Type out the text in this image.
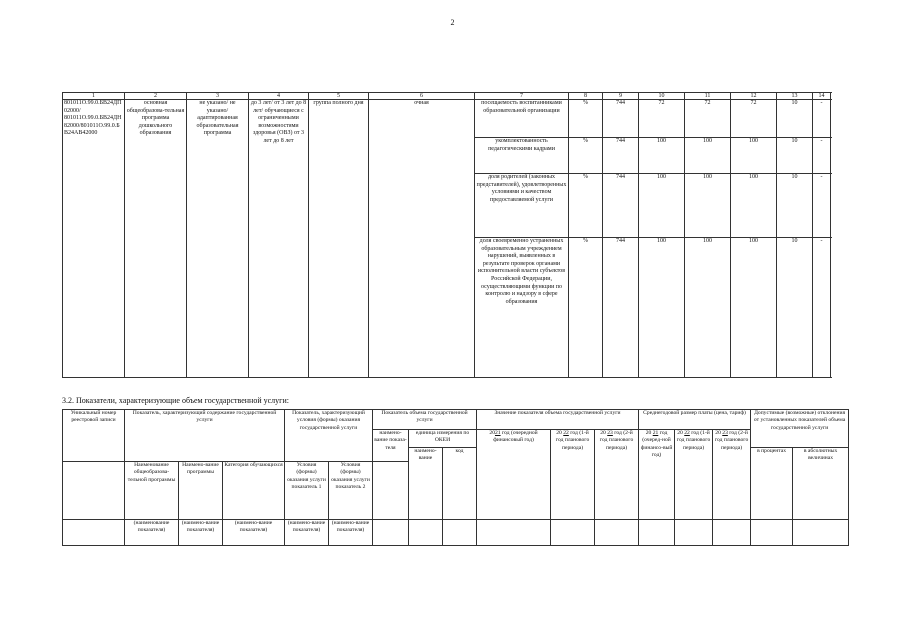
2
1	2	3	4	5	6	7	8	9	10	11	12	13	14
801011О.99.0.БВ24ДП02000/ 801011О.99.0.БВ24ДН82000/801011О.99.0.БВ24АВ42000	основная общеобразова-тельная программа дошкольного образования	не указано/ не указано/ адаптированная образовательная программа	до 3 лет/ от 3 лет до 8 лет/ обучающиеся с ограниченными возможностями здоровья (ОВЗ) от 3 лет до 8 лет	группа полного дня	очная	посещаемость воспитанниками образовательной организации	%	744	72	72	72	10	-
						укомплектованность педагогическими кадрами	%	744	100	100	100	10	-
						доля родителей (законных представителей), удовлетворенных условиями и качеством предоставляемой услуги	%	744	100	100	100	10	-
						доля своевременно устраненных образовательным учреждением нарушений, выявленных в результате проверок органами исполнительной власти субъектов Российской Федерации, осуществляющими функции по контролю и надзору в сфере образования	%	744	100	100	100	10	-
3.2. Показатели, характеризующие объем государственной услуги:
Уникальный номер реестровой записи	Показатель, характеризующий содержание государственной услуги			Показатель, характеризующий условия (формы) оказания государственной услуги		Показатель объема государственной услуги			Значение показателя объема государственной услуги			Среднегодовой размер платы (цена, тариф)			Допустимые (возможные) отклонения от установленных показателей объема государственной услуги	
						наимено-вание показа-теля	единица измерения по ОКЕИ		2021 год (очередной финансовый год)	20 22 год (1-й год планового периода)	20 23 год (2-й год планового периода)	20 21 год (очеред-ной финансо-вый год)	20 22 год (1-й год планового периода)	20 23 год (2-й год планового периода)		
							наимено-вание	код							в процентах	в абсолютных величинах
	Наименование общеобразова-тельной программы	Наимено-вание программы	Категория обучающихся	Условия (формы) оказания услуги показатель 1	Условия (формы) оказания услуги показатель 2											
	(наименование показателя)	(наимено-вание показателя)	(наимено-вание показателя)	(наимено-вание показателя)	(наимено-вание показателя)											
